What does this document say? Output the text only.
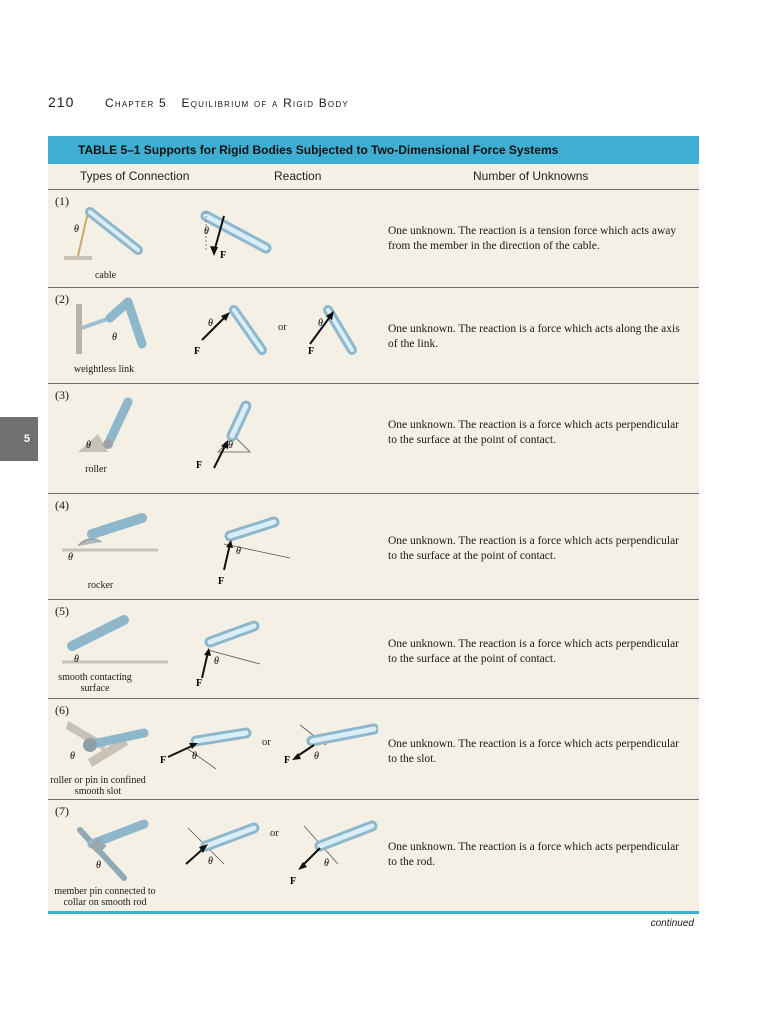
210	Chapter 5 Equilibrium of a Rigid Body
5
TABLE 5–1 Supports for Rigid Bodies Subjected to Two-Dimensional Force Systems
Types of Connection	Reaction	Number of Unknowns
(1)
θ	θ
F
cable
One unknown. The reaction is a tension force which acts away from the member in the direction of the cable.
(2)
θ
θ
F
θ
F
or
weightless link
One unknown. The reaction is a force which acts along the axis of the link.
(3)
θ	θ
F
roller
One unknown. The reaction is a force which acts perpendicular to the surface at the point of contact.
(4)
θ
θ
F
rocker
One unknown. The reaction is a force which acts perpendicular to the surface at the point of contact.
(5)
θ	θ
F
smooth contacting surface
One unknown. The reaction is a force which acts perpendicular to the surface at the point of contact.
(6)
θ	θ
F	θ
F
or
roller or pin in confined smooth slot
One unknown. The reaction is a force which acts perpendicular to the slot.
(7)
θ	θ	θ
F
or
member pin connected to collar on smooth rod
One unknown. The reaction is a force which acts perpendicular to the rod.
continued
